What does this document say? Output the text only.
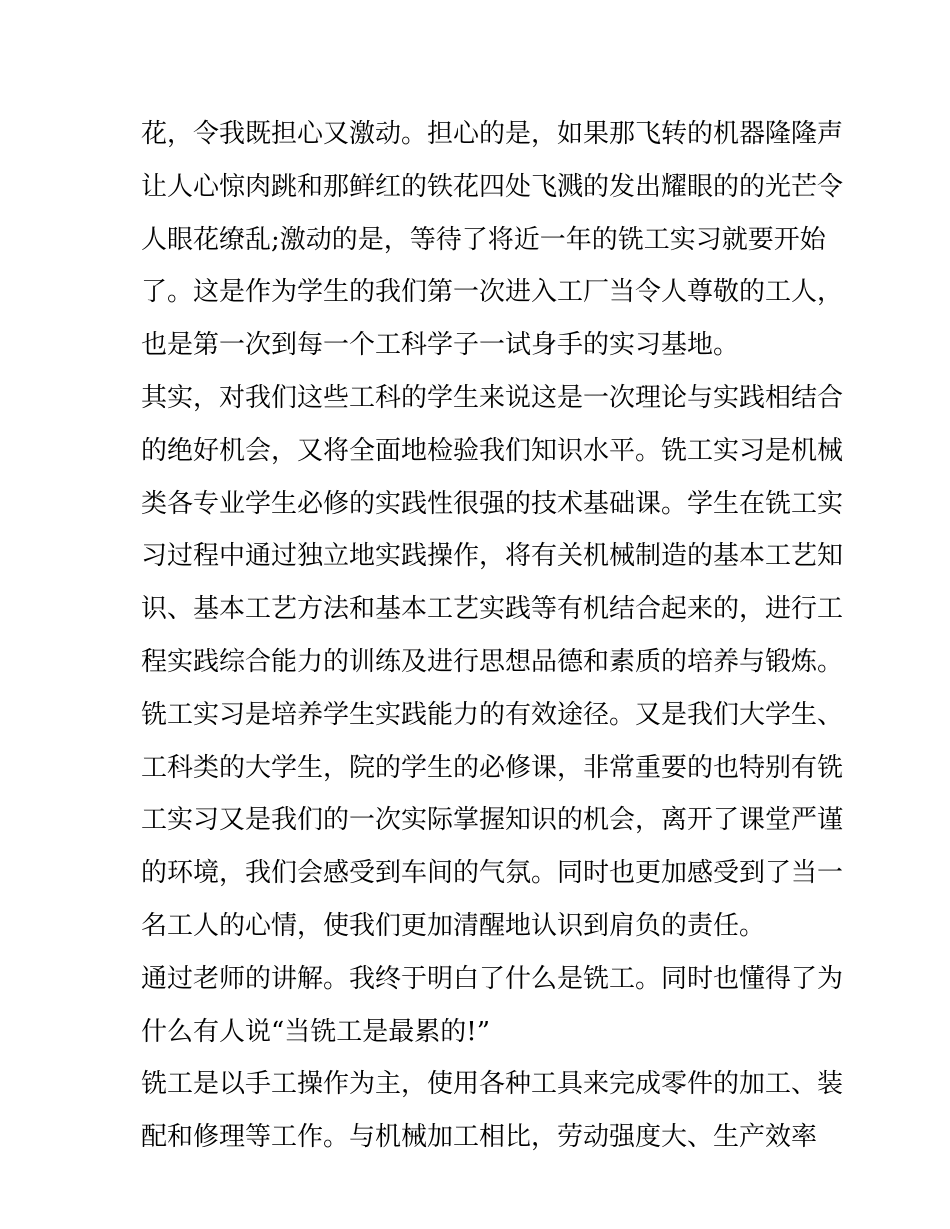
花，令我既担心又激动。担心的是，如果那飞转的机器隆隆声
让人心惊肉跳和那鲜红的铁花四处飞溅的发出耀眼的的光芒令
人眼花缭乱;激动的是，等待了将近一年的铣工实习就要开始
了。这是作为学生的我们第一次进入工厂当令人尊敬的工人，
也是第一次到每一个工科学子一试身手的实习基地。
其实，对我们这些工科的学生来说这是一次理论与实践相结合
的绝好机会，又将全面地检验我们知识水平。铣工实习是机械
类各专业学生必修的实践性很强的技术基础课。学生在铣工实
习过程中通过独立地实践操作，将有关机械制造的基本工艺知
识、基本工艺方法和基本工艺实践等有机结合起来的，进行工
程实践综合能力的训练及进行思想品德和素质的培养与锻炼。
铣工实习是培养学生实践能力的有效途径。又是我们大学生、
工科类的大学生，院的学生的必修课，非常重要的也特别有铣
工实习又是我们的一次实际掌握知识的机会，离开了课堂严谨
的环境，我们会感受到车间的气氛。同时也更加感受到了当一
名工人的心情，使我们更加清醒地认识到肩负的责任。
通过老师的讲解。我终于明白了什么是铣工。同时也懂得了为
什么有人说“当铣工是最累的!”
铣工是以手工操作为主，使用各种工具来完成零件的加工、装
配和修理等工作。与机械加工相比，劳动强度大、生产效率
